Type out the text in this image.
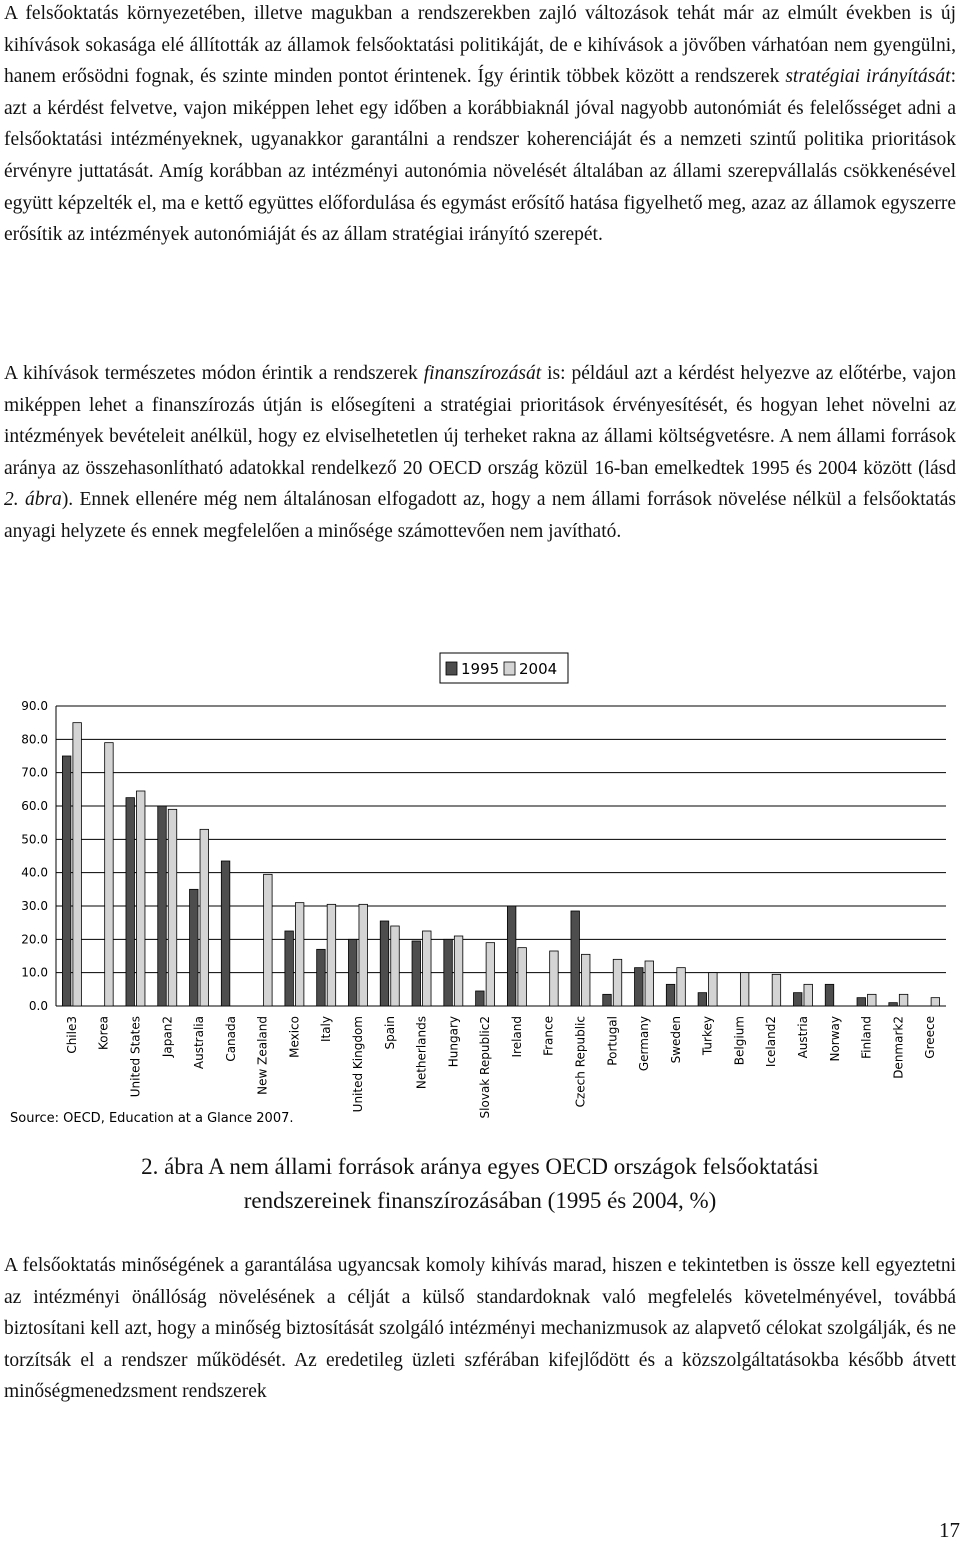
A felsőoktatás környezetében, illetve magukban a rendszerekben zajló változások tehát már az elmúlt években is új kihívások sokasága elé állították az államok felsőoktatási politikáját, de e kihívások a jövőben várhatóan nem gyengülni, hanem erősödni fognak, és szinte minden pontot érintenek. Így érintik többek között a rendszerek stratégiai irányítását: azt a kérdést felvetve, vajon miképpen lehet egy időben a korábbiaknál jóval nagyobb autonómiát és felelősséget adni a felsőoktatási intézményeknek, ugyanakkor garantálni a rendszer koherenciáját és a nemzeti szintű politika prioritások érvényre juttatását. Amíg korábban az intézményi autonómia növelését általában az állami szerepvállalás csökkenésével együtt képzelték el, ma e kettő együttes előfordulása és egymást erősítő hatása figyelhető meg, azaz az államok egyszerre erősítik az intézmények autonómiáját és az állam stratégiai irányító szerepét.

A kihívások természetes módon érintik a rendszerek finanszírozását is: például azt a kérdést helyezve az előtérbe, vajon miképpen lehet a finanszírozás útján is elősegíteni a stratégiai prioritások érvényesítését, és hogyan lehet növelni az intézmények bevételeit anélkül, hogy ez elviselhetetlen új terheket rakna az állami költségvetésre. A nem állami források aránya az összehasonlítható adatokkal rendelkező 20 OECD ország közül 16-ban emelkedtek 1995 és 2004 között (lásd 2. ábra). Ennek ellenére még nem általánosan elfogadott az, hogy a nem állami források növelése nélkül a felsőoktatás anyagi helyzete és ennek megfelelően a minősége számottevően nem javítható.

0.0
10.0
20.0
30.0
40.0
50.0
60.0
70.0
80.0
90.0
Chile3 Korea United States Japan2 Australia Canada New Zealand Mexico Italy United Kingdom Spain Netherlands Hungary Slovak Republic2 Ireland France Czech Republic Portugal Germany Sweden Turkey Belgium Iceland2 Austria Norway Finland Denmark2 Greece
1995 2004
Source: OECD, Education at a Glance 2007.

2. ábra A nem állami források aránya egyes OECD országok felsőoktatási

rendszereinek finanszírozásában (1995 és 2004, %)

A felsőoktatás minőségének a garantálása ugyancsak komoly kihívás marad, hiszen e tekintetben is össze kell egyeztetni az intézményi önállóság növelésének a célját a külső standardoknak való megfelelés követelményével, továbbá biztosítani kell azt, hogy a minőség biztosítását szolgáló intézményi mechanizmusok az alapvető célokat szolgálják, és ne torzítsák el a rendszer működését. Az eredetileg üzleti szférában kifejlődött és a közszolgáltatásokba később átvett minőségmenedzsment rendszerek

17
